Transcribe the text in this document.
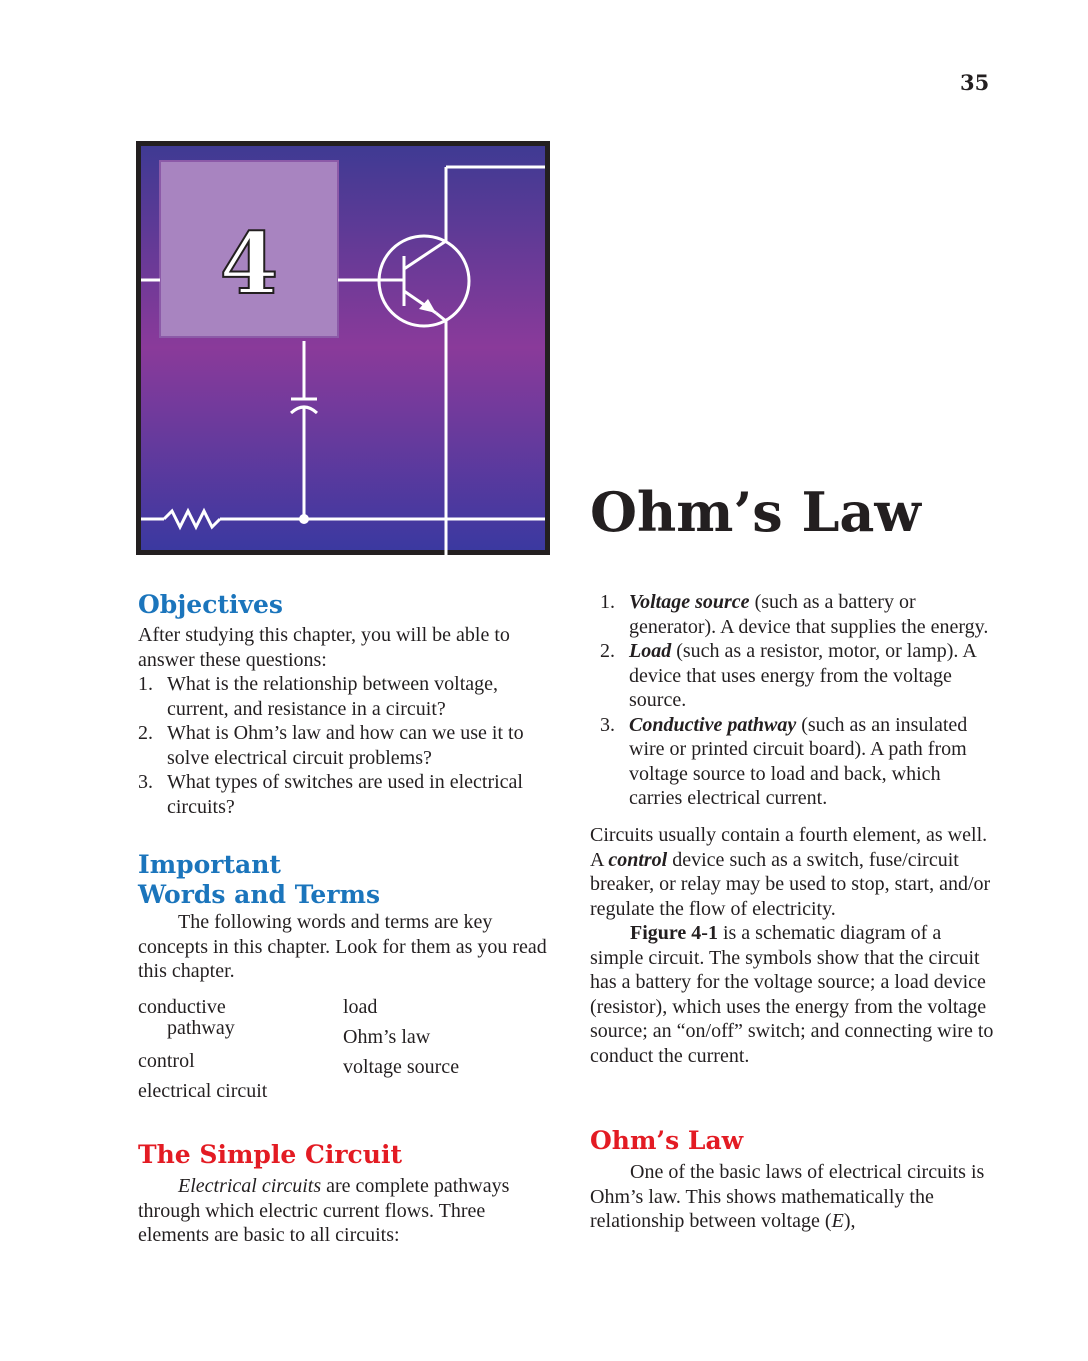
35
4
Ohm’s Law
Objectives

After studying this chapter, you will be able to answer these questions:

1. What is the relationship between voltage, current, and resistance in a circuit?
2. What is Ohm’s law and how can we use it to solve electrical circuit problems?
3. What types of switches are used in electrical circuits?
Important
Words and Terms

The following words and terms are key concepts in this chapter. Look for them as you read this chapter.

conductive
pathway
control
electrical circuit
load
Ohm’s law
voltage source
The Simple Circuit

Electrical circuits are complete pathways through which electric current flows. Three elements are basic to all circuits:

1. Voltage source (such as a battery or generator). A device that supplies the energy.
2. Load (such as a resistor, motor, or lamp). A device that uses energy from the voltage source.
3. Conductive pathway (such as an insulated wire or printed circuit board). A path from voltage source to load and back, which carries electrical current.

Circuits usually contain a fourth element, as well. A control device such as a switch, fuse/circuit breaker, or relay may be used to stop, start, and/or regulate the flow of electricity.

Figure 4-1 is a schematic diagram of a simple circuit. The symbols show that the circuit has a battery for the voltage source; a load device (resistor), which uses the energy from the voltage source; an “on/off” switch; and connecting wire to conduct the current.

Ohm’s Law

One of the basic laws of electrical circuits is Ohm’s law. This shows mathematically the relationship between voltage (E),
